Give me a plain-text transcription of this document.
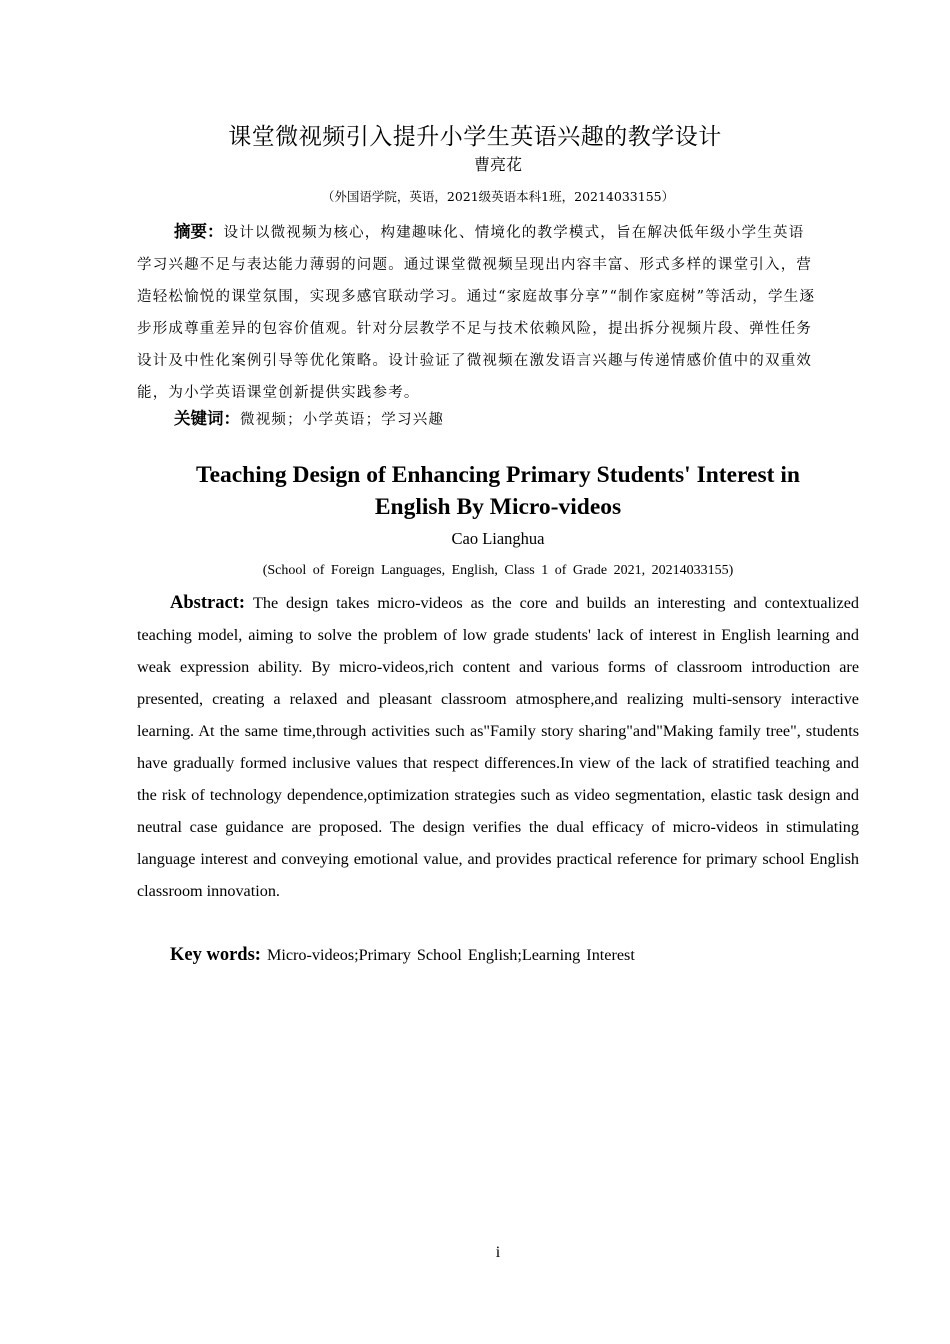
课堂微视频引入提升小学生英语兴趣的教学设计
曹亮花
（外国语学院，英语，2021级英语本科1班，20214033155）

摘要：设计以微视频为核心，构建趣味化、情境化的教学模式，旨在解决低年级小学生英语学习兴趣不足与表达能力薄弱的问题。通过课堂微视频呈现出内容丰富、形式多样的课堂引入，营造轻松愉悦的课堂氛围，实现多感官联动学习。通过“家庭故事分享”“制作家庭树”等活动，学生逐步形成尊重差异的包容价值观。针对分层教学不足与技术依赖风险，提出拆分视频片段、弹性任务设计及中性化案例引导等优化策略。设计验证了微视频在激发语言兴趣与传递情感价值中的双重效能，为小学英语课堂创新提供实践参考。

关键词：微视频；小学英语；学习兴趣

Teaching Design of Enhancing Primary Students' Interest in English By Micro-videos

Cao Lianghua
(School of Foreign Languages, English, Class 1 of Grade 2021, 20214033155)

Abstract: The design takes micro-videos as the core and builds an interesting and contextualized teaching model, aiming to solve the problem of low grade students' lack of interest in English learning and weak expression ability. By micro-videos,rich content and various forms of classroom introduction are presented, creating a relaxed and pleasant classroom atmosphere,and realizing multi-sensory interactive learning. At the same time,through activities such as"Family story sharing"and"Making family tree", students have gradually formed inclusive values that respect differences.In view of the lack of stratified teaching and the risk of technology dependence,optimization strategies such as video segmentation, elastic task design and neutral case guidance are proposed. The design verifies the dual efficacy of micro-videos in stimulating language interest and conveying emotional value, and provides practical reference for primary school English classroom innovation.

Key words: Micro-videos;Primary School English;Learning Interest
i
